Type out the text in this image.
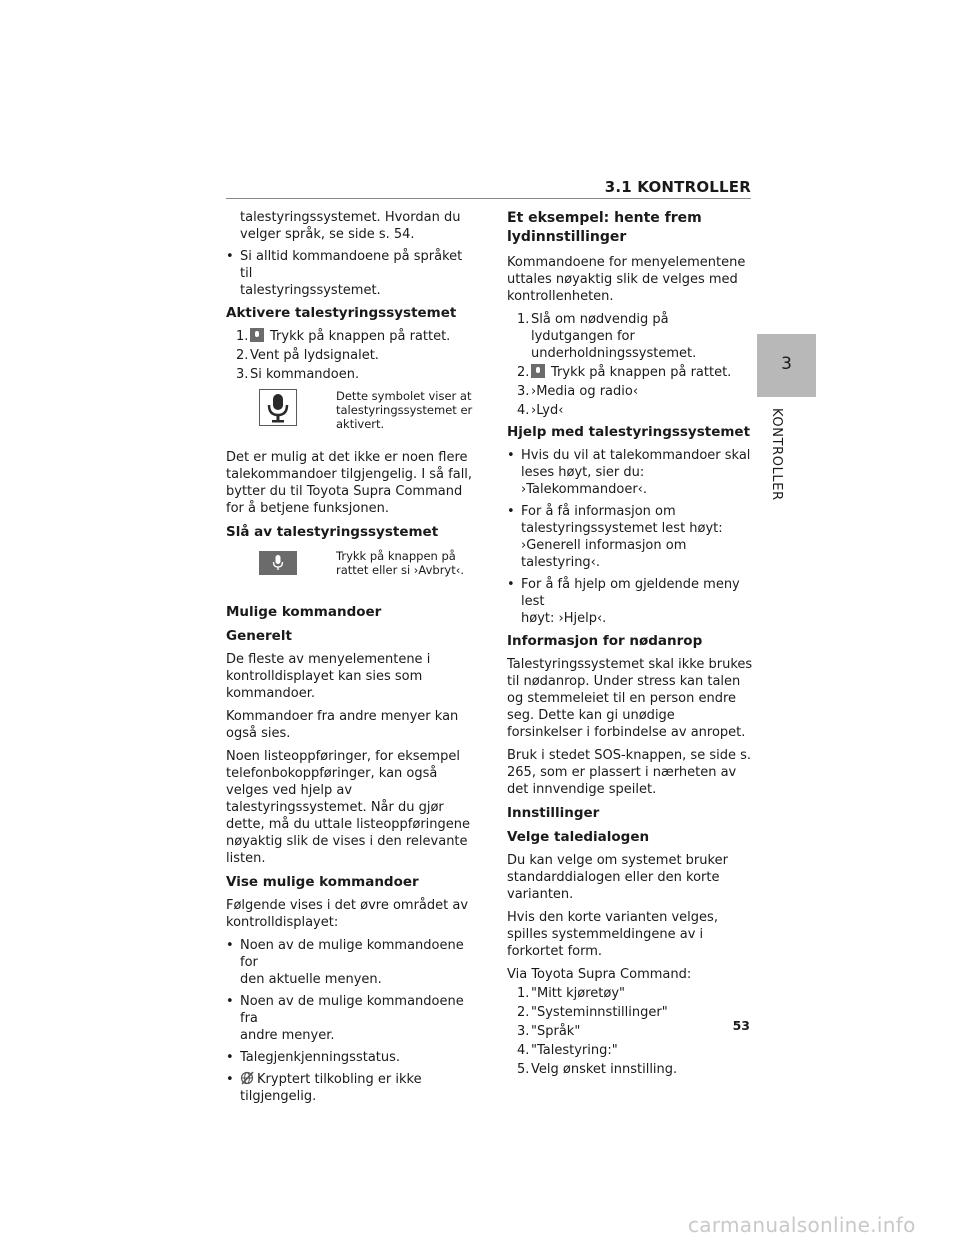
3.1 KONTROLLER
3
KONTROLLER
talestyringssystemet. Hvordan du velger språk, se side s. 54.
• Si alltid kommandoene på språket til
talestyringssystemet.
Aktivere talestyringssystemet
1. Trykk på knappen på rattet.
2. Vent på lydsignalet.
3. Si kommandoen.
Dette symbolet viser at talestyringssystemet er aktivert.
Det er mulig at det ikke er noen flere talekommandoer tilgjengelig. I så fall, bytter du til Toyota Supra Command for å betjene funksjonen.
Slå av talestyringssystemet
Trykk på knappen på rattet eller si ›Avbryt‹.
Mulige kommandoer
Generelt
De fleste av menyelementene i kontrolldisplayet kan sies som kommandoer.
Kommandoer fra andre menyer kan også sies.
Noen listeoppføringer, for eksempel telefonbokoppføringer, kan også velges ved hjelp av talestyringssystemet. Når du gjør dette, må du uttale listeoppføringene nøyaktig slik de vises i den relevante listen.
Vise mulige kommandoer
Følgende vises i det øvre området av kontrolldisplayet:
• Noen av de mulige kommandoene for
den aktuelle menyen.
• Noen av de mulige kommandoene fra
andre menyer.
• Talegjenkjenningsstatus.
• Kryptert tilkobling er ikke
tilgjengelig.
Et eksempel: hente frem lydinnstillinger
Kommandoene for menyelementene uttales nøyaktig slik de velges med kontrollenheten.
1. Slå om nødvendig på lydutgangen for underholdningssystemet.
2. Trykk på knappen på rattet.
3. ›Media og radio‹
4. ›Lyd‹
Hjelp med talestyringssystemet
• Hvis du vil at talekommandoer skal
leses høyt, sier du: ›Talekommandoer‹.
• For å få informasjon om
talestyringssystemet lest høyt: ›Generell informasjon om talestyring‹.
• For å få hjelp om gjeldende meny lest
høyt: ›Hjelp‹.
Informasjon for nødanrop
Talestyringssystemet skal ikke brukes til nødanrop. Under stress kan talen og stemmeleiet til en person endre seg. Dette kan gi unødige forsinkelser i forbindelse av anropet.
Bruk i stedet SOS-knappen, se side s. 265, som er plassert i nærheten av det innvendige speilet.
Innstillinger
Velge taledialogen
Du kan velge om systemet bruker standarddialogen eller den korte varianten.
Hvis den korte varianten velges, spilles systemmeldingene av i forkortet form.
Via Toyota Supra Command:
1. "Mitt kjøretøy"
2. "Systeminnstillinger"
3. "Språk"
4. "Talestyring:"
5. Velg ønsket innstilling.
53
carmanualsonline.info
